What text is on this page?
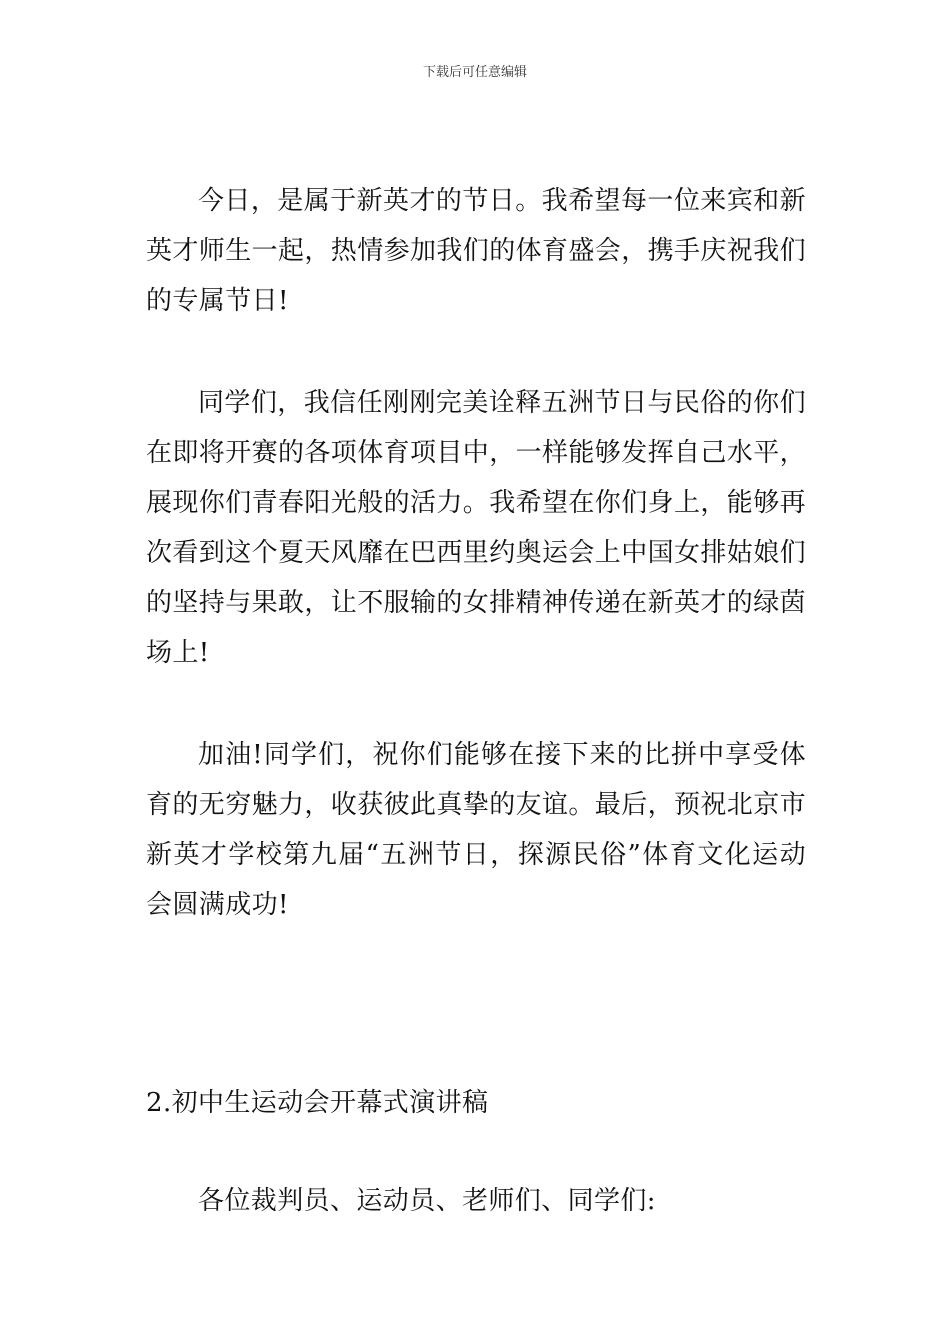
下载后可任意编辑

今日，是属于新英才的节日。我希望每一位来宾和新英才师生一起，热情参加我们的体育盛会，携手庆祝我们的专属节日!

同学们，我信任刚刚完美诠释五洲节日与民俗的你们在即将开赛的各项体育项目中，一样能够发挥自己水平，展现你们青春阳光般的活力。我希望在你们身上，能够再次看到这个夏天风靡在巴西里约奥运会上中国女排姑娘们的坚持与果敢，让不服输的女排精神传递在新英才的绿茵场上!

加油!同学们，祝你们能够在接下来的比拼中享受体育的无穷魅力，收获彼此真挚的友谊。最后，预祝北京市新英才学校第九届“五洲节日，探源民俗”体育文化运动会圆满成功!

2.初中生运动会开幕式演讲稿

各位裁判员、运动员、老师们、同学们:
